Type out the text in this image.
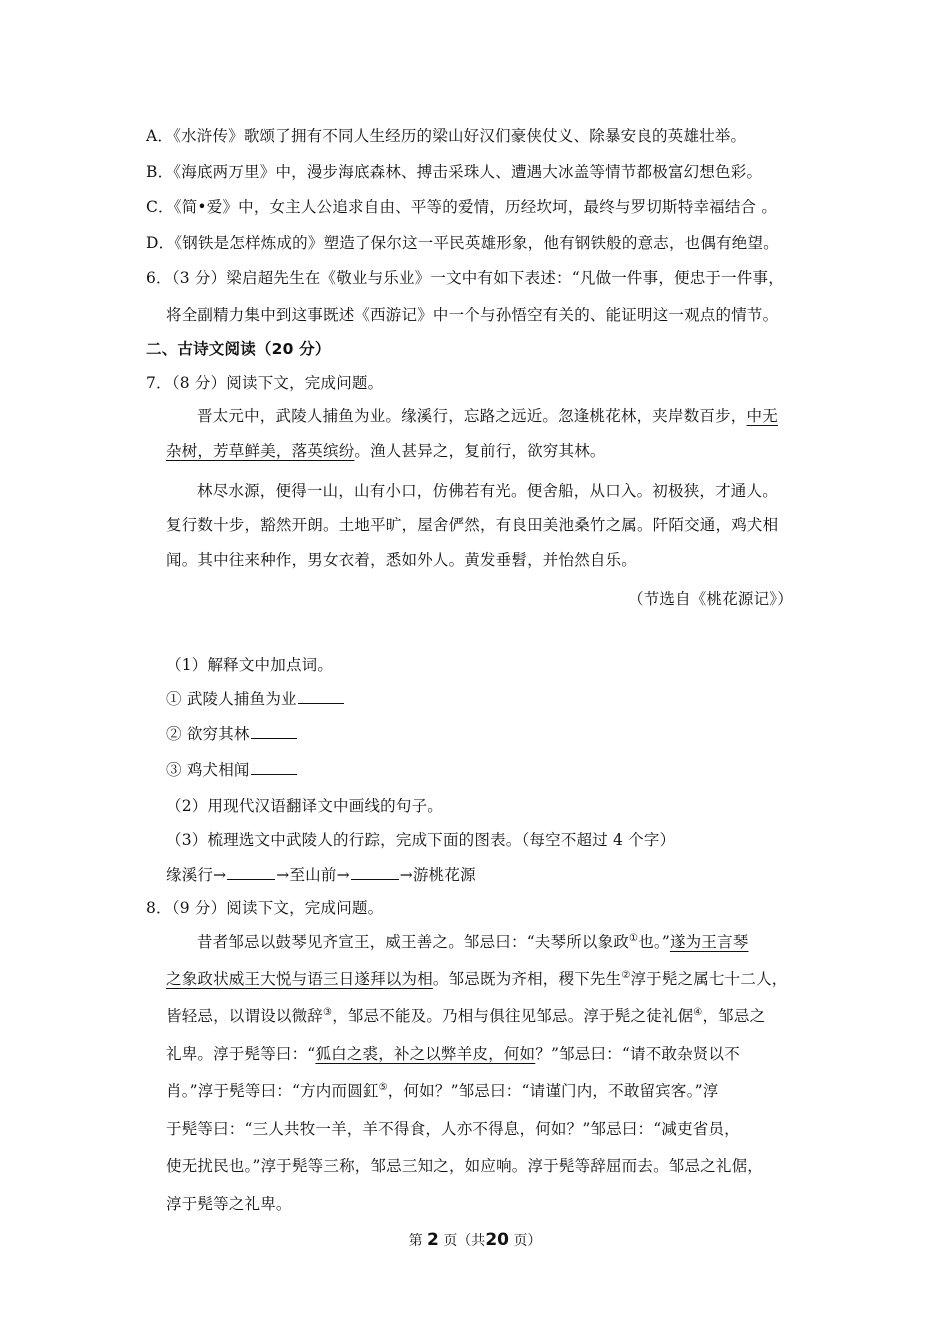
A．《水浒传》歌颂了拥有不同人生经历的梁山好汉们豪侠仗义、除暴安良的英雄壮举。
B．《海底两万里》中，漫步海底森林、搏击采珠人、遭遇大冰盖等情节都极富幻想色彩。
C．《简•爱》中，女主人公追求自由、平等的爱情，历经坎坷，最终与罗切斯特幸福结合 。
D．《钢铁是怎样炼成的》塑造了保尔这一平民英雄形象，他有钢铁般的意志，也偶有绝望。
6．（3 分）梁启超先生在《敬业与乐业》一文中有如下表述：“凡做一件事，便忠于一件事，
将全副精力集中到这事既述《西游记》中一个与孙悟空有关的、能证明这一观点的情节。
二、古诗文阅读（20 分）
7．（8 分）阅读下文，完成问题。
晋太元中，武陵人捕鱼为业。缘溪行，忘路之远近。忽逢桃花林，夹岸数百步，中无
杂树，芳草鲜美，落英缤纷。渔人甚异之，复前行，欲穷其林。
林尽水源，便得一山，山有小口，仿佛若有光。便舍船，从口入。初极狭，才通人。
复行数十步，豁然开朗。土地平旷，屋舍俨然，有良田美池桑竹之属。阡陌交通，鸡犬相
闻。其中往来种作，男女衣着，悉如外人。黄发垂髫，并怡然自乐。
（节选自《桃花源记》）
（1）解释文中加点词。
① 武陵人捕鱼为业
② 欲穷其林
③ 鸡犬相闻
（2）用现代汉语翻译文中画线的句子。
（3）梳理选文中武陵人的行踪，完成下面的图表。（每空不超过 4 个字）
缘溪行→	→至山前→	→游桃花源
8．（9 分）阅读下文，完成问题。
昔者邹忌以鼓琴见齐宣王，威王善之。邹忌曰：“夫琴所以象政①也。”遂为王言琴
之象政状威王大悦与语三日遂拜以为相。邹忌既为齐相，稷下先生②淳于髡之属七十二人，
皆轻忌，以谓设以微辞③，邹忌不能及。乃相与俱往见邹忌。淳于髡之徒礼倨④，邹忌之
礼卑。淳于髡等曰：“狐白之裘，补之以弊羊皮，何如？”邹忌曰：“请不敢杂贤以不
肖。”淳于髡等曰：“方内而圆釭⑤，何如？”邹忌曰：“请谨门内，不敢留宾客。”淳
于髡等曰：“三人共牧一羊，羊不得食，人亦不得息，何如？”邹忌曰：“减吏省员，
使无扰民也。”淳于髡等三称，邹忌三知之，如应响。淳于髡等辞屈而去。邹忌之礼倨，
淳于髡等之礼卑。
第 2 页（共20 页）
